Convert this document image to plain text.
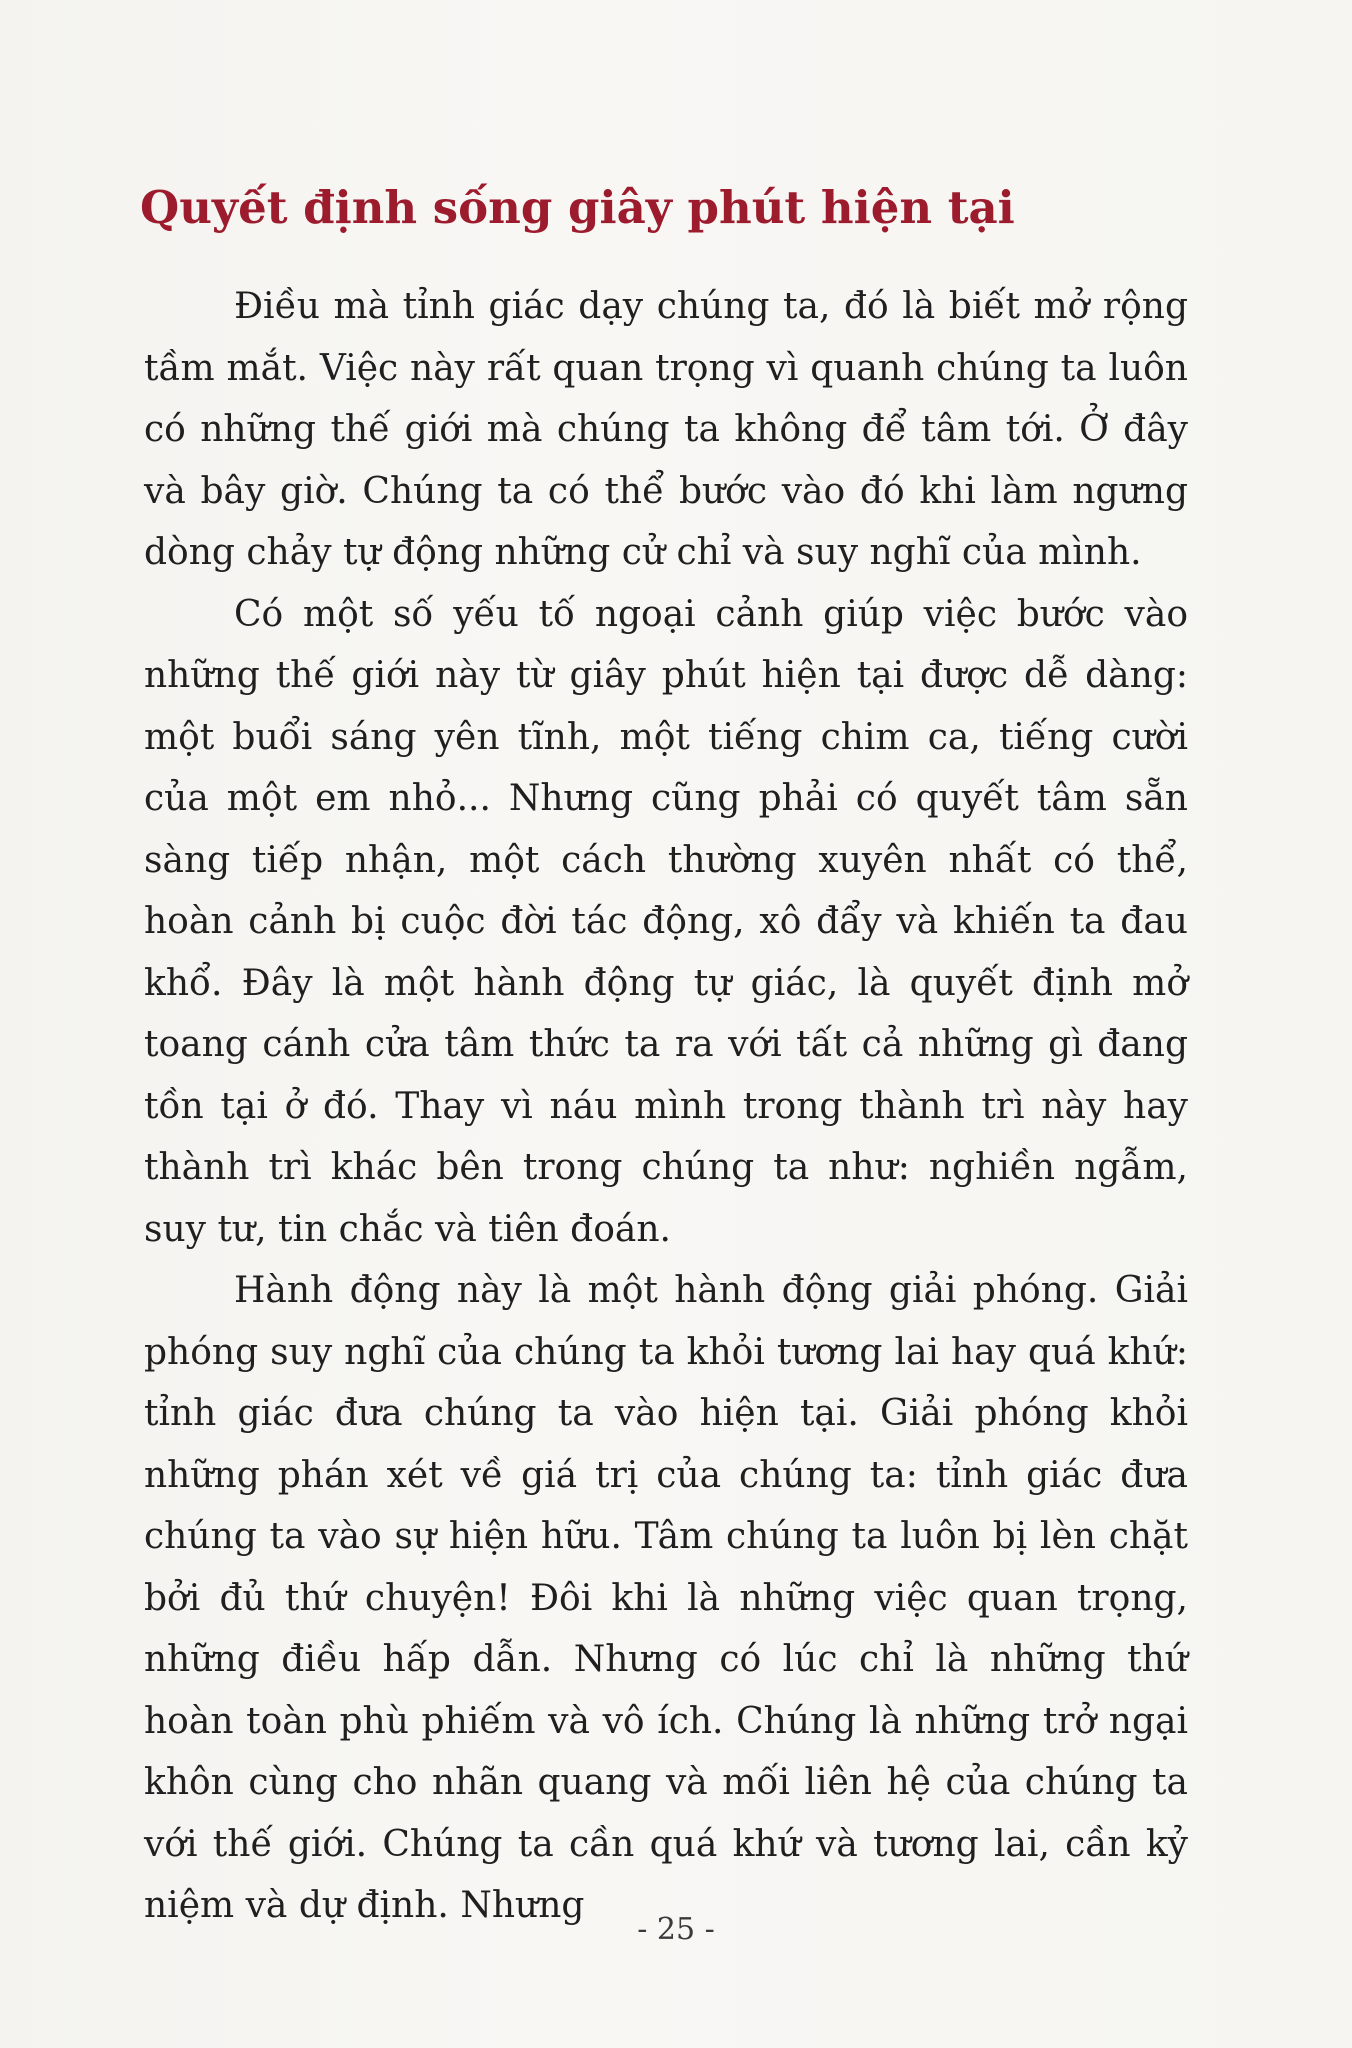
Quyết định sống giây phút hiện tại

Điều mà tỉnh giác dạy chúng ta, đó là biết mở rộng tầm mắt. Việc này rất quan trọng vì quanh chúng ta luôn có những thế giới mà chúng ta không để tâm tới. Ở đây và bây giờ. Chúng ta có thể bước vào đó khi làm ngưng dòng chảy tự động những cử chỉ và suy nghĩ của mình.

Có một số yếu tố ngoại cảnh giúp việc bước vào những thế giới này từ giây phút hiện tại được dễ dàng: một buổi sáng yên tĩnh, một tiếng chim ca, tiếng cười của một em nhỏ... Nhưng cũng phải có quyết tâm sẵn sàng tiếp nhận, một cách thường xuyên nhất có thể, hoàn cảnh bị cuộc đời tác động, xô đẩy và khiến ta đau khổ. Đây là một hành động tự giác, là quyết định mở toang cánh cửa tâm thức ta ra với tất cả những gì đang tồn tại ở đó. Thay vì náu mình trong thành trì này hay thành trì khác bên trong chúng ta như: nghiền ngẫm, suy tư, tin chắc và tiên đoán.

Hành động này là một hành động giải phóng. Giải phóng suy nghĩ của chúng ta khỏi tương lai hay quá khứ: tỉnh giác đưa chúng ta vào hiện tại. Giải phóng khỏi những phán xét về giá trị của chúng ta: tỉnh giác đưa chúng ta vào sự hiện hữu. Tâm chúng ta luôn bị lèn chặt bởi đủ thứ chuyện! Đôi khi là những việc quan trọng, những điều hấp dẫn. Nhưng có lúc chỉ là những thứ hoàn toàn phù phiếm và vô ích. Chúng là những trở ngại khôn cùng cho nhãn quang và mối liên hệ của chúng ta với thế giới. Chúng ta cần quá khứ và tương lai, cần kỷ niệm và dự định. Nhưng

- 25 -
